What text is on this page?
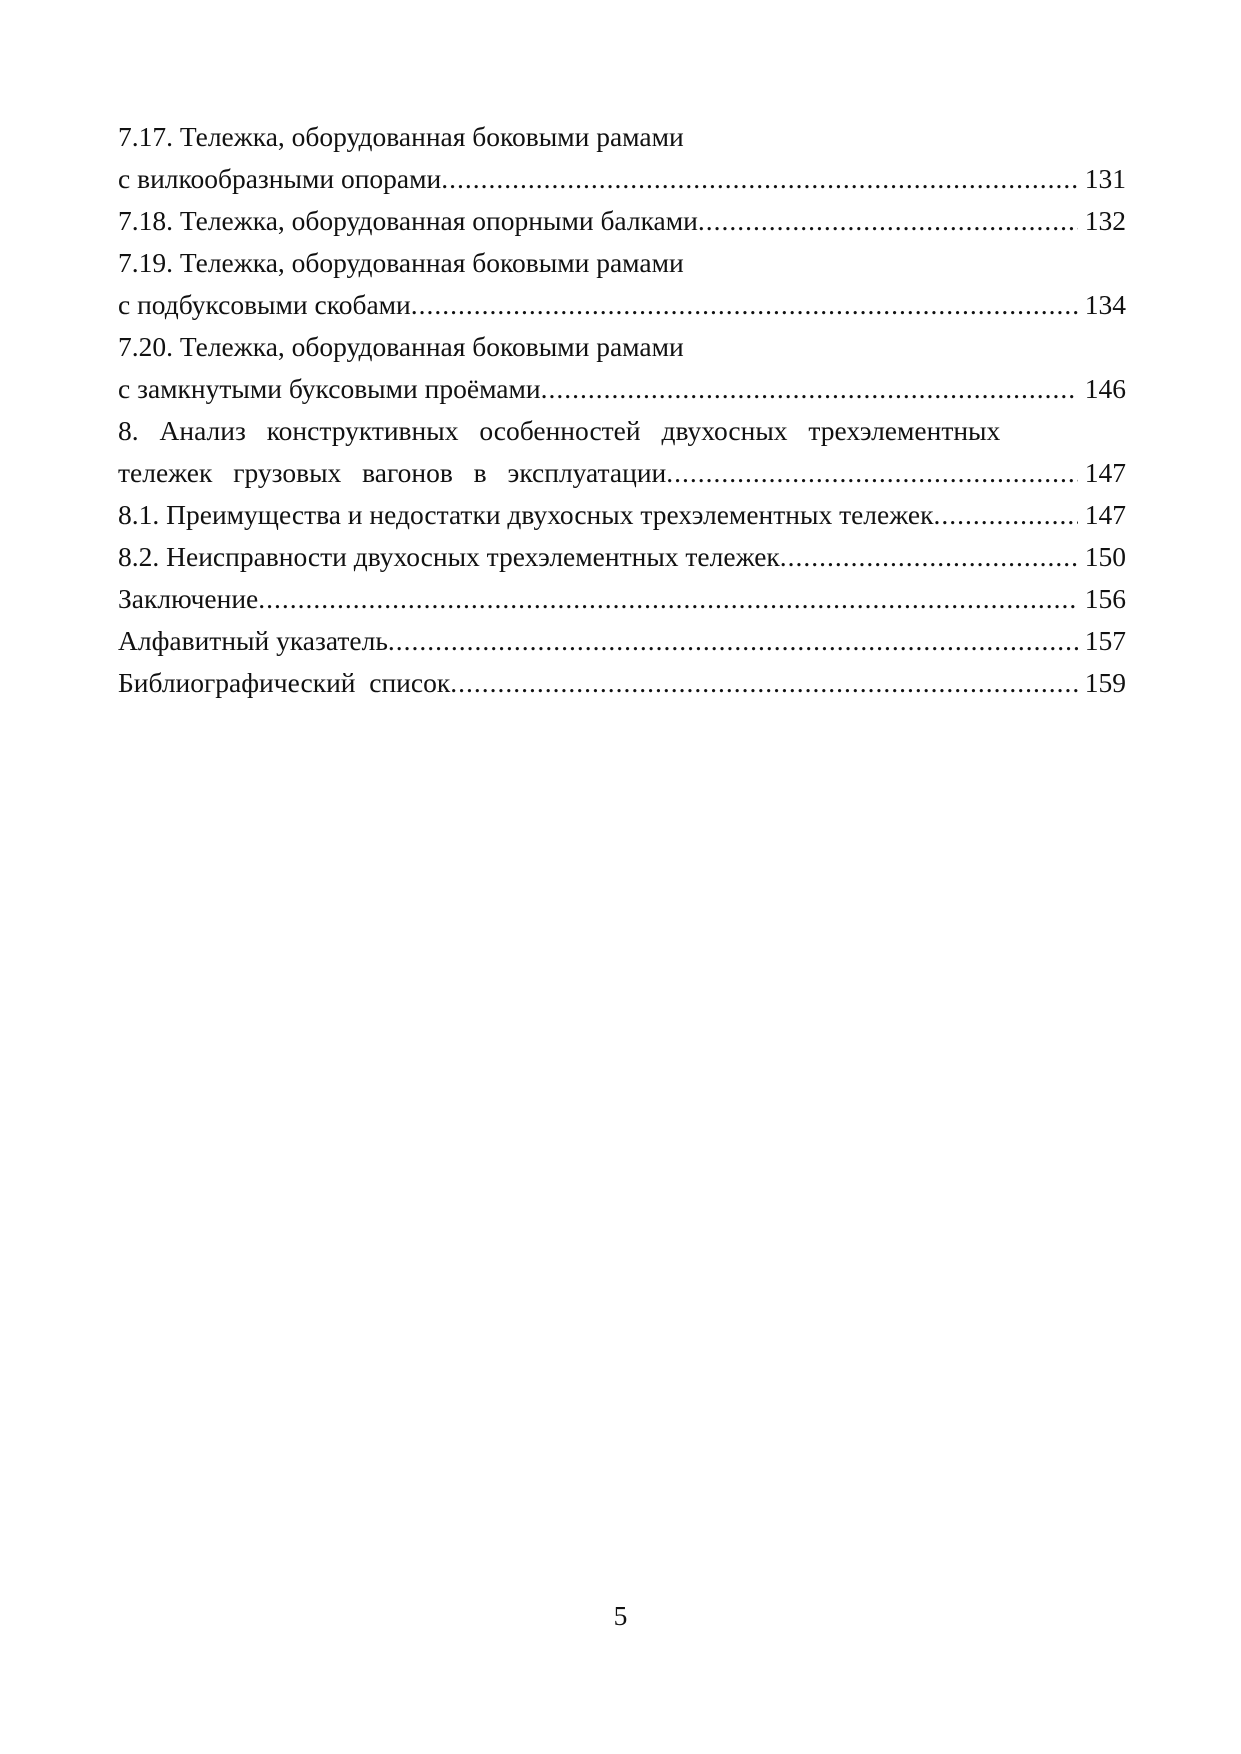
7.17. Тележка, оборудованная боковыми рамами
с вилкообразными опорами .....	131
7.18. Тележка, оборудованная опорными балками .....	132
7.19. Тележка, оборудованная боковыми рамами
с подбуксовыми скобами .....	134
7.20. Тележка, оборудованная боковыми рамами
с замкнутыми буксовыми проёмами .....	146
8. Анализ конструктивных особенностей двухосных трехэлементных
тележек грузовых вагонов в эксплуатации .....	147
8.1. Преимущества и недостатки двухосных трехэлементных тележек .....	147
8.2. Неисправности двухосных трехэлементных тележек .....	150
Заключение .....	156
Алфавитный указатель .....	157
Библиографический  список .....	159
5
